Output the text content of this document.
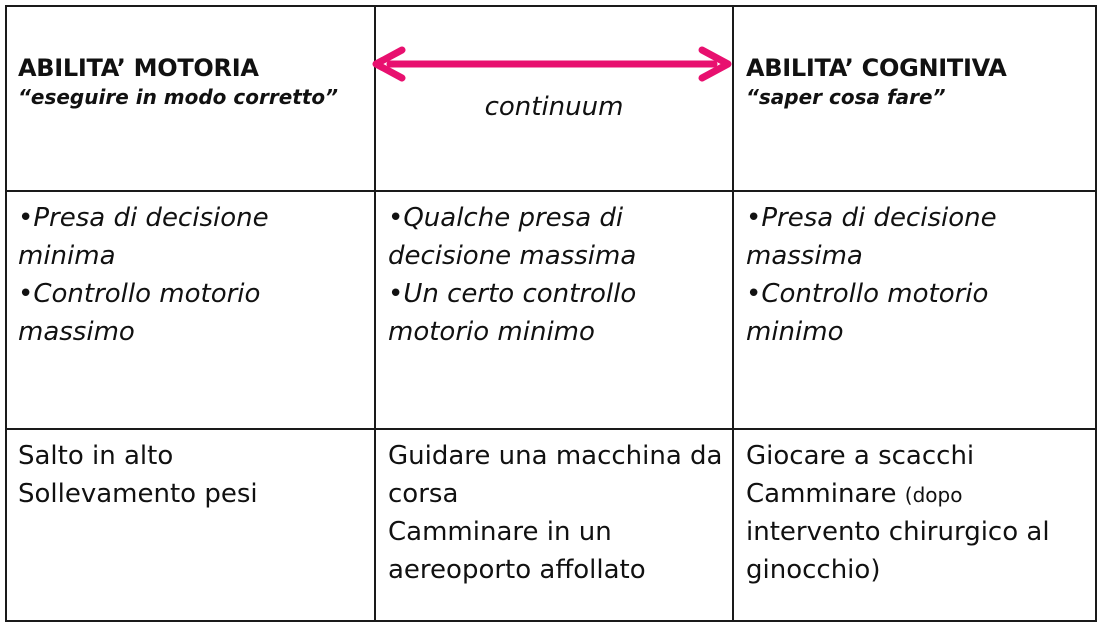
ABILITA’ MOTORIA
“eseguire in modo corretto”	continuum
ABILITA’ COGNITIVA
“saper cosa fare”
•Presa di decisione minima
•Controllo motorio
massimo
•Qualche presa di
decisione massima
•Un certo controllo
motorio minimo
•Presa di decisione
massima
•Controllo motorio
minimo
Salto in alto
Sollevamento pesi
Guidare una macchina da
corsa
Camminare in un
aereoporto affollato
Giocare a scacchi
Camminare (dopo
intervento chirurgico al
ginocchio)
